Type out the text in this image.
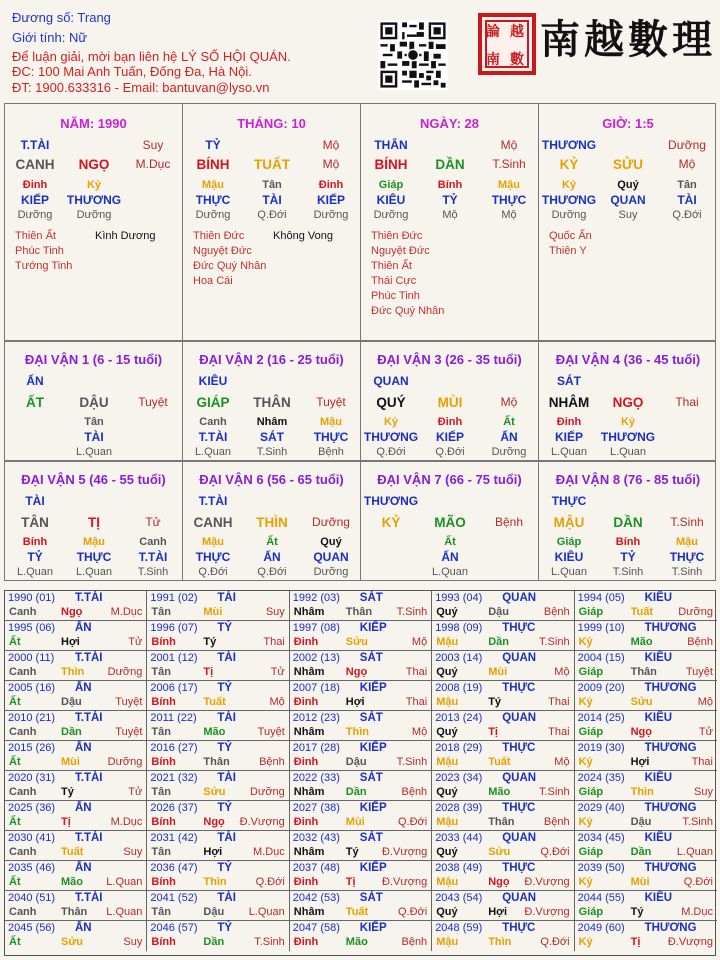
Đương số: Trang
Giới tính: Nữ
Để luận giải, mời bạn liên hệ LÝ SỐ HỘI QUÁN.
ĐC: 100 Mai Anh Tuấn, Đống Đa, Hà Nội.
ĐT: 1900.633316 - Email: bantuvan@lyso.vn
論 越
南 數 南越數理
NĂM: 1990
T.TÀI	Suy
CANH	NGỌ	M.Dục
Đinh
KIẾP
Dưỡng
Kỷ
THƯƠNG
Dưỡng
Thiên Ất
Phúc Tinh
Tướng Tinh
Kình Dương
THÁNG: 10
TỶ	Mộ
BÍNH	TUẤT	Mộ
Mậu
THỰC
Dưỡng
Tân
TÀI
Q.Đới
Đinh
KIẾP
Dưỡng
Thiên Đức
Nguyệt Đức
Đức Quý Nhân
Hoa Cái
Không Vong
NGÀY: 28
THÂN	Mộ
BÍNH	DẦN	T.Sinh
Giáp
KIÊU
Dưỡng
Bính
TỶ
Mộ
Mậu
THỰC
Mộ
Thiên Đức
Nguyệt Đức
Thiên Ất
Thái Cực
Phúc Tinh
Đức Quý Nhân
GIỜ: 1:5
THƯƠNG	Dưỡng
KỶ	SỬU	Mộ
Kỷ
THƯƠNG
Dưỡng
Quý
QUAN
Suy
Tân
TÀI
Q.Đới
Quốc Ấn
Thiên Y
ĐẠI VẬN 1 (6 - 15 tuổi)
ẤN
ẤT	DẬU	Tuyệt
Tân
TÀI
L.Quan
ĐẠI VẬN 2 (16 - 25 tuổi)
KIÊU
GIÁP	THÂN	Tuyệt
Canh
T.TÀI
L.Quan
Nhâm
SÁT
T.Sinh
Mậu
THỰC
Bệnh
ĐẠI VẬN 3 (26 - 35 tuổi)
QUAN
QUÝ	MÙI	Mộ
Kỷ
THƯƠNG
Q.Đới
Đinh
KIẾP
Q.Đới
Ất
ẤN
Dưỡng
ĐẠI VẬN 4 (36 - 45 tuổi)
SÁT
NHÂM	NGỌ	Thai
Đinh
KIẾP
L.Quan
Kỷ
THƯƠNG
L.Quan
ĐẠI VẬN 5 (46 - 55 tuổi)
TÀI
TÂN	TỊ	Tử
Bính
TỶ
L.Quan
Mậu
THỰC
L.Quan
Canh
T.TÀI
T.Sinh
ĐẠI VẬN 6 (56 - 65 tuổi)
T.TÀI
CANH	THÌN	Dưỡng
Mậu
THỰC
Q.Đới
Ất
ẤN
Q.Đới
Quý
QUAN
Dưỡng
ĐẠI VẬN 7 (66 - 75 tuổi)
THƯƠNG
KỶ	MÃO	Bệnh
Ất
ẤN
L.Quan
ĐẠI VẬN 8 (76 - 85 tuổi)
THỰC
MẬU	DẦN	T.Sinh
Giáp
KIÊU
L.Quan
Bính
TỶ
T.Sinh
Mậu
THỰC
T.Sinh
1990 (01) T.TÀI
Canh Ngọ	M.Dục
1991 (02) TÀI
Tân	Mùi	Suy
1992 (03) SÁT
Nhâm Thân T.Sinh
1993 (04) QUAN
Quý	Dậu	Bệnh
1994 (05) KIÊU
Giáp	Tuất Dưỡng
1995 (06) ẤN
Ất	Hợi	Tử
1996 (07) TỶ
Bính	Tý	Thai
1997 (08) KIẾP
Đinh	Sửu	Mộ
1998 (09) THỰC
Mậu	Dần	T.Sinh
1999 (10) THƯƠNG
Kỷ	Mão	Bệnh
2000 (11) T.TÀI
Canh Thìn Dưỡng
2001 (12) TÀI
Tân	Tị	Tử
2002 (13) SÁT
Nhâm Ngọ	Thai
2003 (14) QUAN
Quý	Mùi	Mộ
2004 (15) KIÊU
Giáp	Thân	Tuyệt
2005 (16) ẤN
Ất	Dậu	Tuyệt
2006 (17) TỶ
Bính	Tuất	Mộ
2007 (18) KIẾP
Đinh	Hợi	Thai
2008 (19) THỰC
Mậu	Tý	Thai
2009 (20) THƯƠNG
Kỷ	Sửu	Mộ
2010 (21) T.TÀI
Canh Dần	Tuyệt
2011 (22) TÀI
Tân	Mão	Tuyệt
2012 (23) SÁT
Nhâm Thìn	Mộ
2013 (24) QUAN
Quý	Tị	Thai
2014 (25) KIÊU
Giáp	Ngọ	Tử
2015 (26) ẤN
Ất	Mùi	Dưỡng
2016 (27) TỶ
Bính	Thân	Bệnh
2017 (28) KIẾP
Đinh	Dậu	T.Sinh
2018 (29) THỰC
Mậu	Tuất	Mộ
2019 (30) THƯƠNG
Kỷ	Hợi	Thai
2020 (31) T.TÀI
Canh Tý	Tử
2021 (32) TÀI
Tân	Sửu Dưỡng
2022 (33) SÁT
Nhâm Dần	Bệnh
2023 (34) QUAN
Quý	Mão	T.Sinh
2024 (35) KIÊU
Giáp	Thìn	Suy
2025 (36) ẤN
Ất	Tị	M.Dục
2026 (37) TỶ
Bính	Ngọ Đ.Vượng
2027 (38) KIẾP
Đinh	Mùi	Q.Đới
2028 (39) THỰC
Mậu	Thân	Bệnh
2029 (40) THƯƠNG
Kỷ	Dậu	T.Sinh
2030 (41) T.TÀI
Canh Tuất	Suy
2031 (42) TÀI
Tân	Hợi	M.Dục
2032 (43) SÁT
Nhâm Tý Đ.Vượng
2033 (44) QUAN
Quý	Sửu	Q.Đới
2034 (45) KIÊU
Giáp	Dần L.Quan
2035 (46) ẤN
Ất	Mão L.Quan
2036 (47) TỶ
Bính	Thìn	Q.Đới
2037 (48) KIẾP
Đinh	Tị Đ.Vượng
2038 (49) THỰC
Mậu	Ngọ Đ.Vượng
2039 (50) THƯƠNG
Kỷ	Mùi	Q.Đới
2040 (51) T.TÀI
Canh Thân L.Quan
2041 (52) TÀI
Tân	Dậu L.Quan
2042 (53) SÁT
Nhâm Tuất	Q.Đới
2043 (54) QUAN
Quý	Hợi Đ.Vượng
2044 (55) KIÊU
Giáp	Tý	M.Dục
2045 (56) ẤN
Ất	Sửu	Suy
2046 (57) TỶ
Bính	Dần	T.Sinh
2047 (58) KIẾP
Đinh	Mão	Bệnh
2048 (59) THỰC
Mậu	Thìn	Q.Đới
2049 (60) THƯƠNG
Kỷ	Tị Đ.Vượng
